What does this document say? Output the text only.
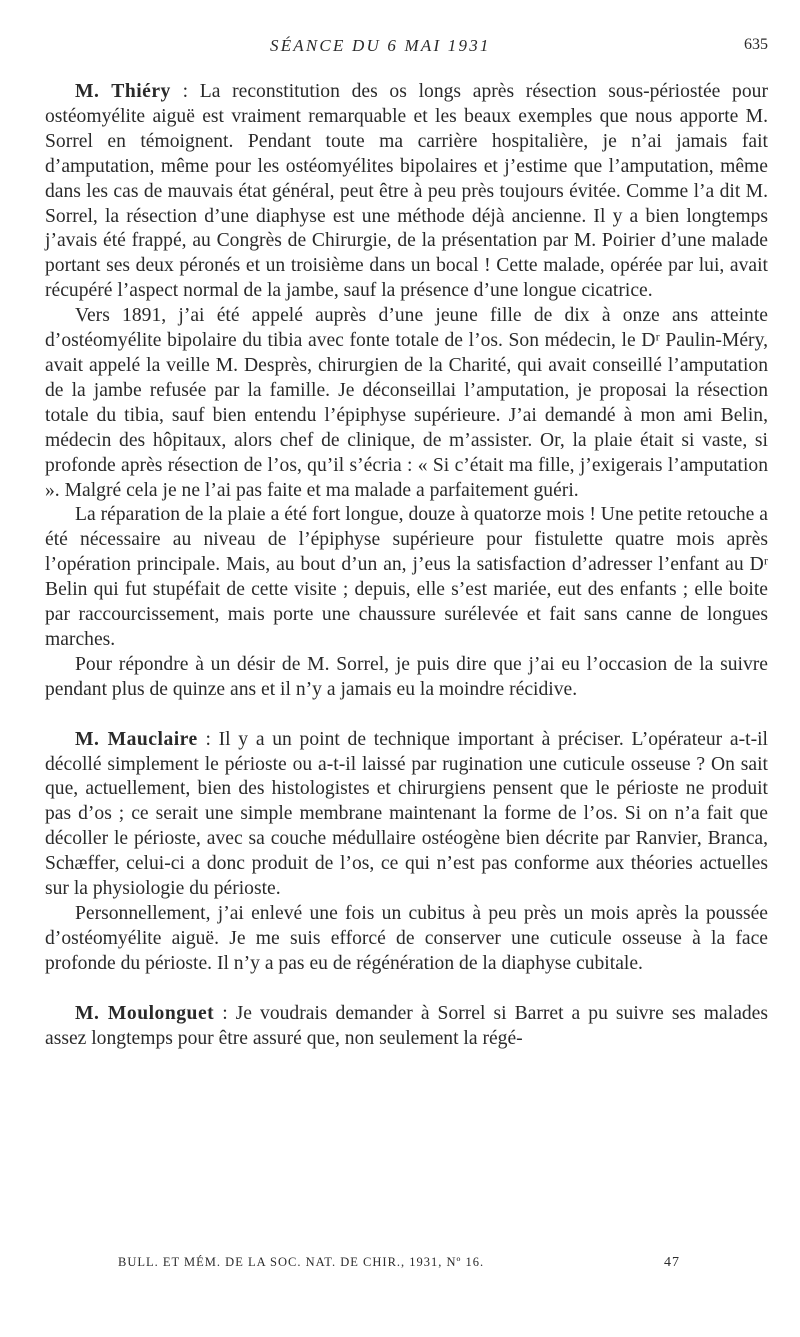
SÉANCE DU 6 MAI 1931	635

M. Thiéry : La reconstitution des os longs après résection sous-périostée pour ostéomyélite aiguë est vraiment remarquable et les beaux exemples que nous apporte M. Sorrel en témoignent. Pendant toute ma carrière hospitalière, je n’ai jamais fait d’amputation, même pour les ostéomyélites bipolaires et j’estime que l’amputation, même dans les cas de mauvais état général, peut être à peu près toujours évitée. Comme l’a dit M. Sorrel, la résection d’une diaphyse est une méthode déjà ancienne. Il y a bien longtemps j’avais été frappé, au Congrès de Chirurgie, de la présentation par M. Poirier d’une malade portant ses deux péronés et un troisième dans un bocal ! Cette malade, opérée par lui, avait récupéré l’aspect normal de la jambe, sauf la présence d’une longue cicatrice.

Vers 1891, j’ai été appelé auprès d’une jeune fille de dix à onze ans atteinte d’ostéomyélite bipolaire du tibia avec fonte totale de l’os. Son médecin, le Dʳ Paulin-Méry, avait appelé la veille M. Desprès, chirurgien de la Charité, qui avait conseillé l’amputation de la jambe refusée par la famille. Je déconseillai l’amputation, je proposai la résection totale du tibia, sauf bien entendu l’épiphyse supérieure. J’ai demandé à mon ami Belin, médecin des hôpitaux, alors chef de clinique, de m’assister. Or, la plaie était si vaste, si profonde après résection de l’os, qu’il s’écria : « Si c’était ma fille, j’exigerais l’amputation ». Malgré cela je ne l’ai pas faite et ma malade a parfaitement guéri.

La réparation de la plaie a été fort longue, douze à quatorze mois ! Une petite retouche a été nécessaire au niveau de l’épiphyse supérieure pour fistulette quatre mois après l’opération principale. Mais, au bout d’un an, j’eus la satisfaction d’adresser l’enfant au Dʳ Belin qui fut stupéfait de cette visite ; depuis, elle s’est mariée, eut des enfants ; elle boite par raccourcissement, mais porte une chaussure surélevée et fait sans canne de longues marches.

Pour répondre à un désir de M. Sorrel, je puis dire que j’ai eu l’occasion de la suivre pendant plus de quinze ans et il n’y a jamais eu la moindre récidive.

M. Mauclaire : Il y a un point de technique important à préciser. L’opérateur a-t-il décollé simplement le périoste ou a-t-il laissé par rugination une cuticule osseuse ? On sait que, actuellement, bien des histologistes et chirurgiens pensent que le périoste ne produit pas d’os ; ce serait une simple membrane maintenant la forme de l’os. Si on n’a fait que décoller le périoste, avec sa couche médullaire ostéogène bien décrite par Ranvier, Branca, Schæffer, celui-ci a donc produit de l’os, ce qui n’est pas conforme aux théories actuelles sur la physiologie du périoste.

Personnellement, j’ai enlevé une fois un cubitus à peu près un mois après la poussée d’ostéomyélite aiguë. Je me suis efforcé de conserver une cuticule osseuse à la face profonde du périoste. Il n’y a pas eu de régénération de la diaphyse cubitale.

M. Moulonguet : Je voudrais demander à Sorrel si Barret a pu suivre ses malades assez longtemps pour être assuré que, non seulement la régé-

BULL. ET MÉM. DE LA SOC. NAT. DE CHIR., 1931, Nº 16.	47
